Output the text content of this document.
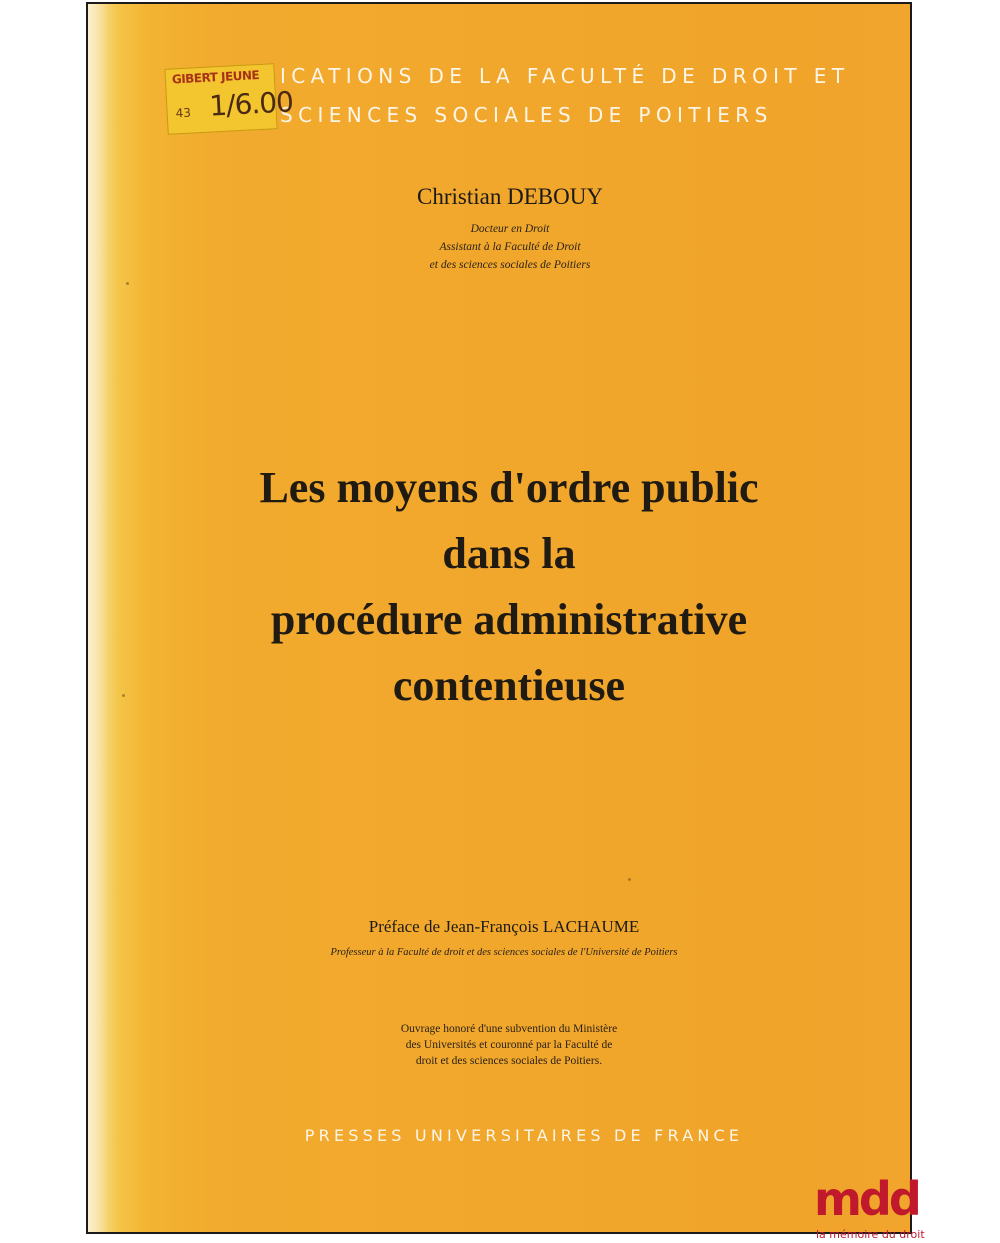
ICATIONS DE LA FACULTÉ DE DROIT ET
SCIENCES SOCIALES DE POITIERS
GIBERT JEUNE
43 1/6.00
Christian DEBOUY
Docteur en Droit
Assistant à la Faculté de Droit
et des sciences sociales de Poitiers
Les moyens d'ordre public
dans la
procédure administrative
contentieuse
Préface de Jean-François LACHAUME
Professeur à la Faculté de droit et des sciences sociales de l'Université de Poitiers
Ouvrage honoré d'une subvention du Ministère
des Universités et couronné par la Faculté de
droit et des sciences sociales de Poitiers.
PRESSES UNIVERSITAIRES DE FRANCE
mdd
la mémoire du droit
